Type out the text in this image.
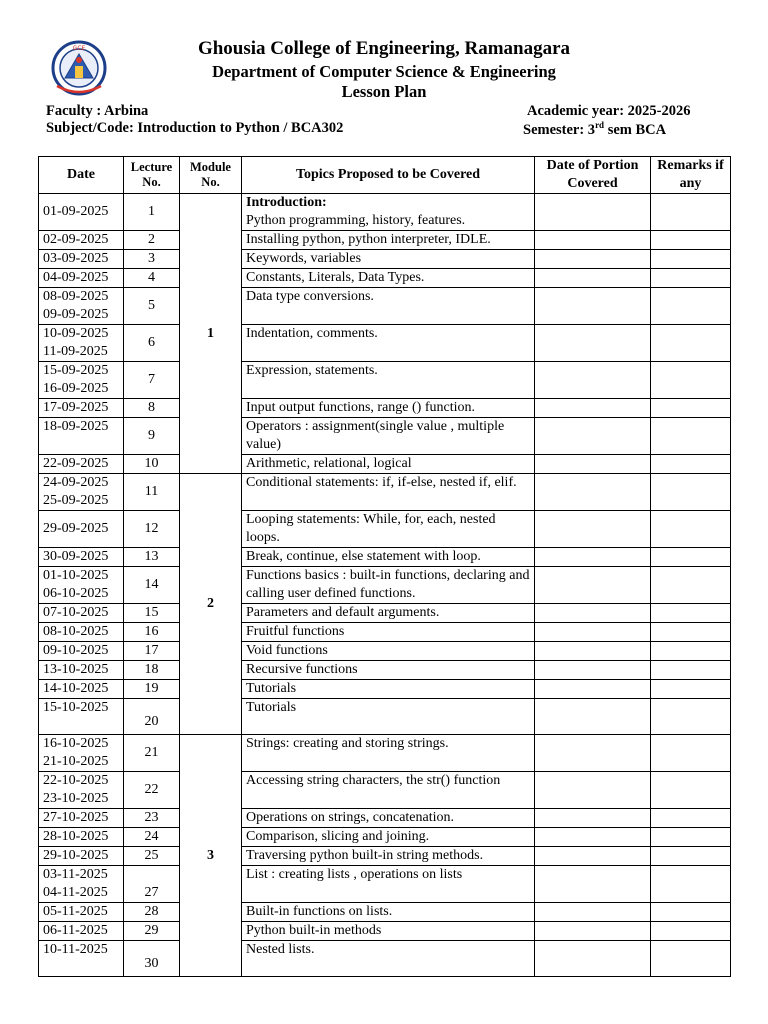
GCE	Ghousia College of Engineering, Ramanagara
Department of Computer Science & Engineering
Lesson Plan
Faculty : Arbina
Subject/Code: Introduction to Python / BCA302
Academic year: 2025-2026
Semester: 3rd sem BCA
Date	Lecture No.	Module No.	Topics Proposed to be Covered	Date of Portion Covered	Remarks if any

01-09-2025	1	1	Introduction:
Python programming, history, features.		

02-09-2025	2		Installing python, python interpreter, IDLE.		

03-09-2025	3		Keywords, variables		

04-09-2025	4		Constants, Literals, Data Types.		

08-09-2025
09-09-2025	5		Data type conversions.		

10-09-2025
11-09-2025	6		Indentation, comments.		

15-09-2025
16-09-2025	7		Expression, statements.		

17-09-2025	8		Input output functions, range () function.		

18-09-2025	9		Operators : assignment(single value , multiple value)		

22-09-2025	10		Arithmetic, relational, logical		

24-09-2025
25-09-2025	11	2	Conditional statements: if, if-else, nested if, elif.		

29-09-2025	12		Looping statements: While, for, each, nested loops.		

30-09-2025	13		Break, continue, else statement with loop.		

01-10-2025
06-10-2025	14		Functions basics : built-in functions, declaring and calling user defined functions.		

07-10-2025	15		Parameters and default arguments.		

08-10-2025	16		Fruitful functions		

09-10-2025	17		Void functions		

13-10-2025	18		Recursive functions		

14-10-2025	19		Tutorials		

15-10-2025	20		Tutorials		

16-10-2025
21-10-2025	21	3	Strings: creating and storing strings.		

22-10-2025
23-10-2025	22		Accessing string characters, the str() function		

27-10-2025	23		Operations on strings, concatenation.		

28-10-2025	24		Comparison, slicing and joining.		

29-10-2025	25		Traversing python built-in string methods.		

03-11-2025
04-11-2025	27		List : creating lists , operations on lists		

05-11-2025	28		Built-in functions on lists.		

06-11-2025	29		Python built-in methods		

10-11-2025	30		Nested lists.		
